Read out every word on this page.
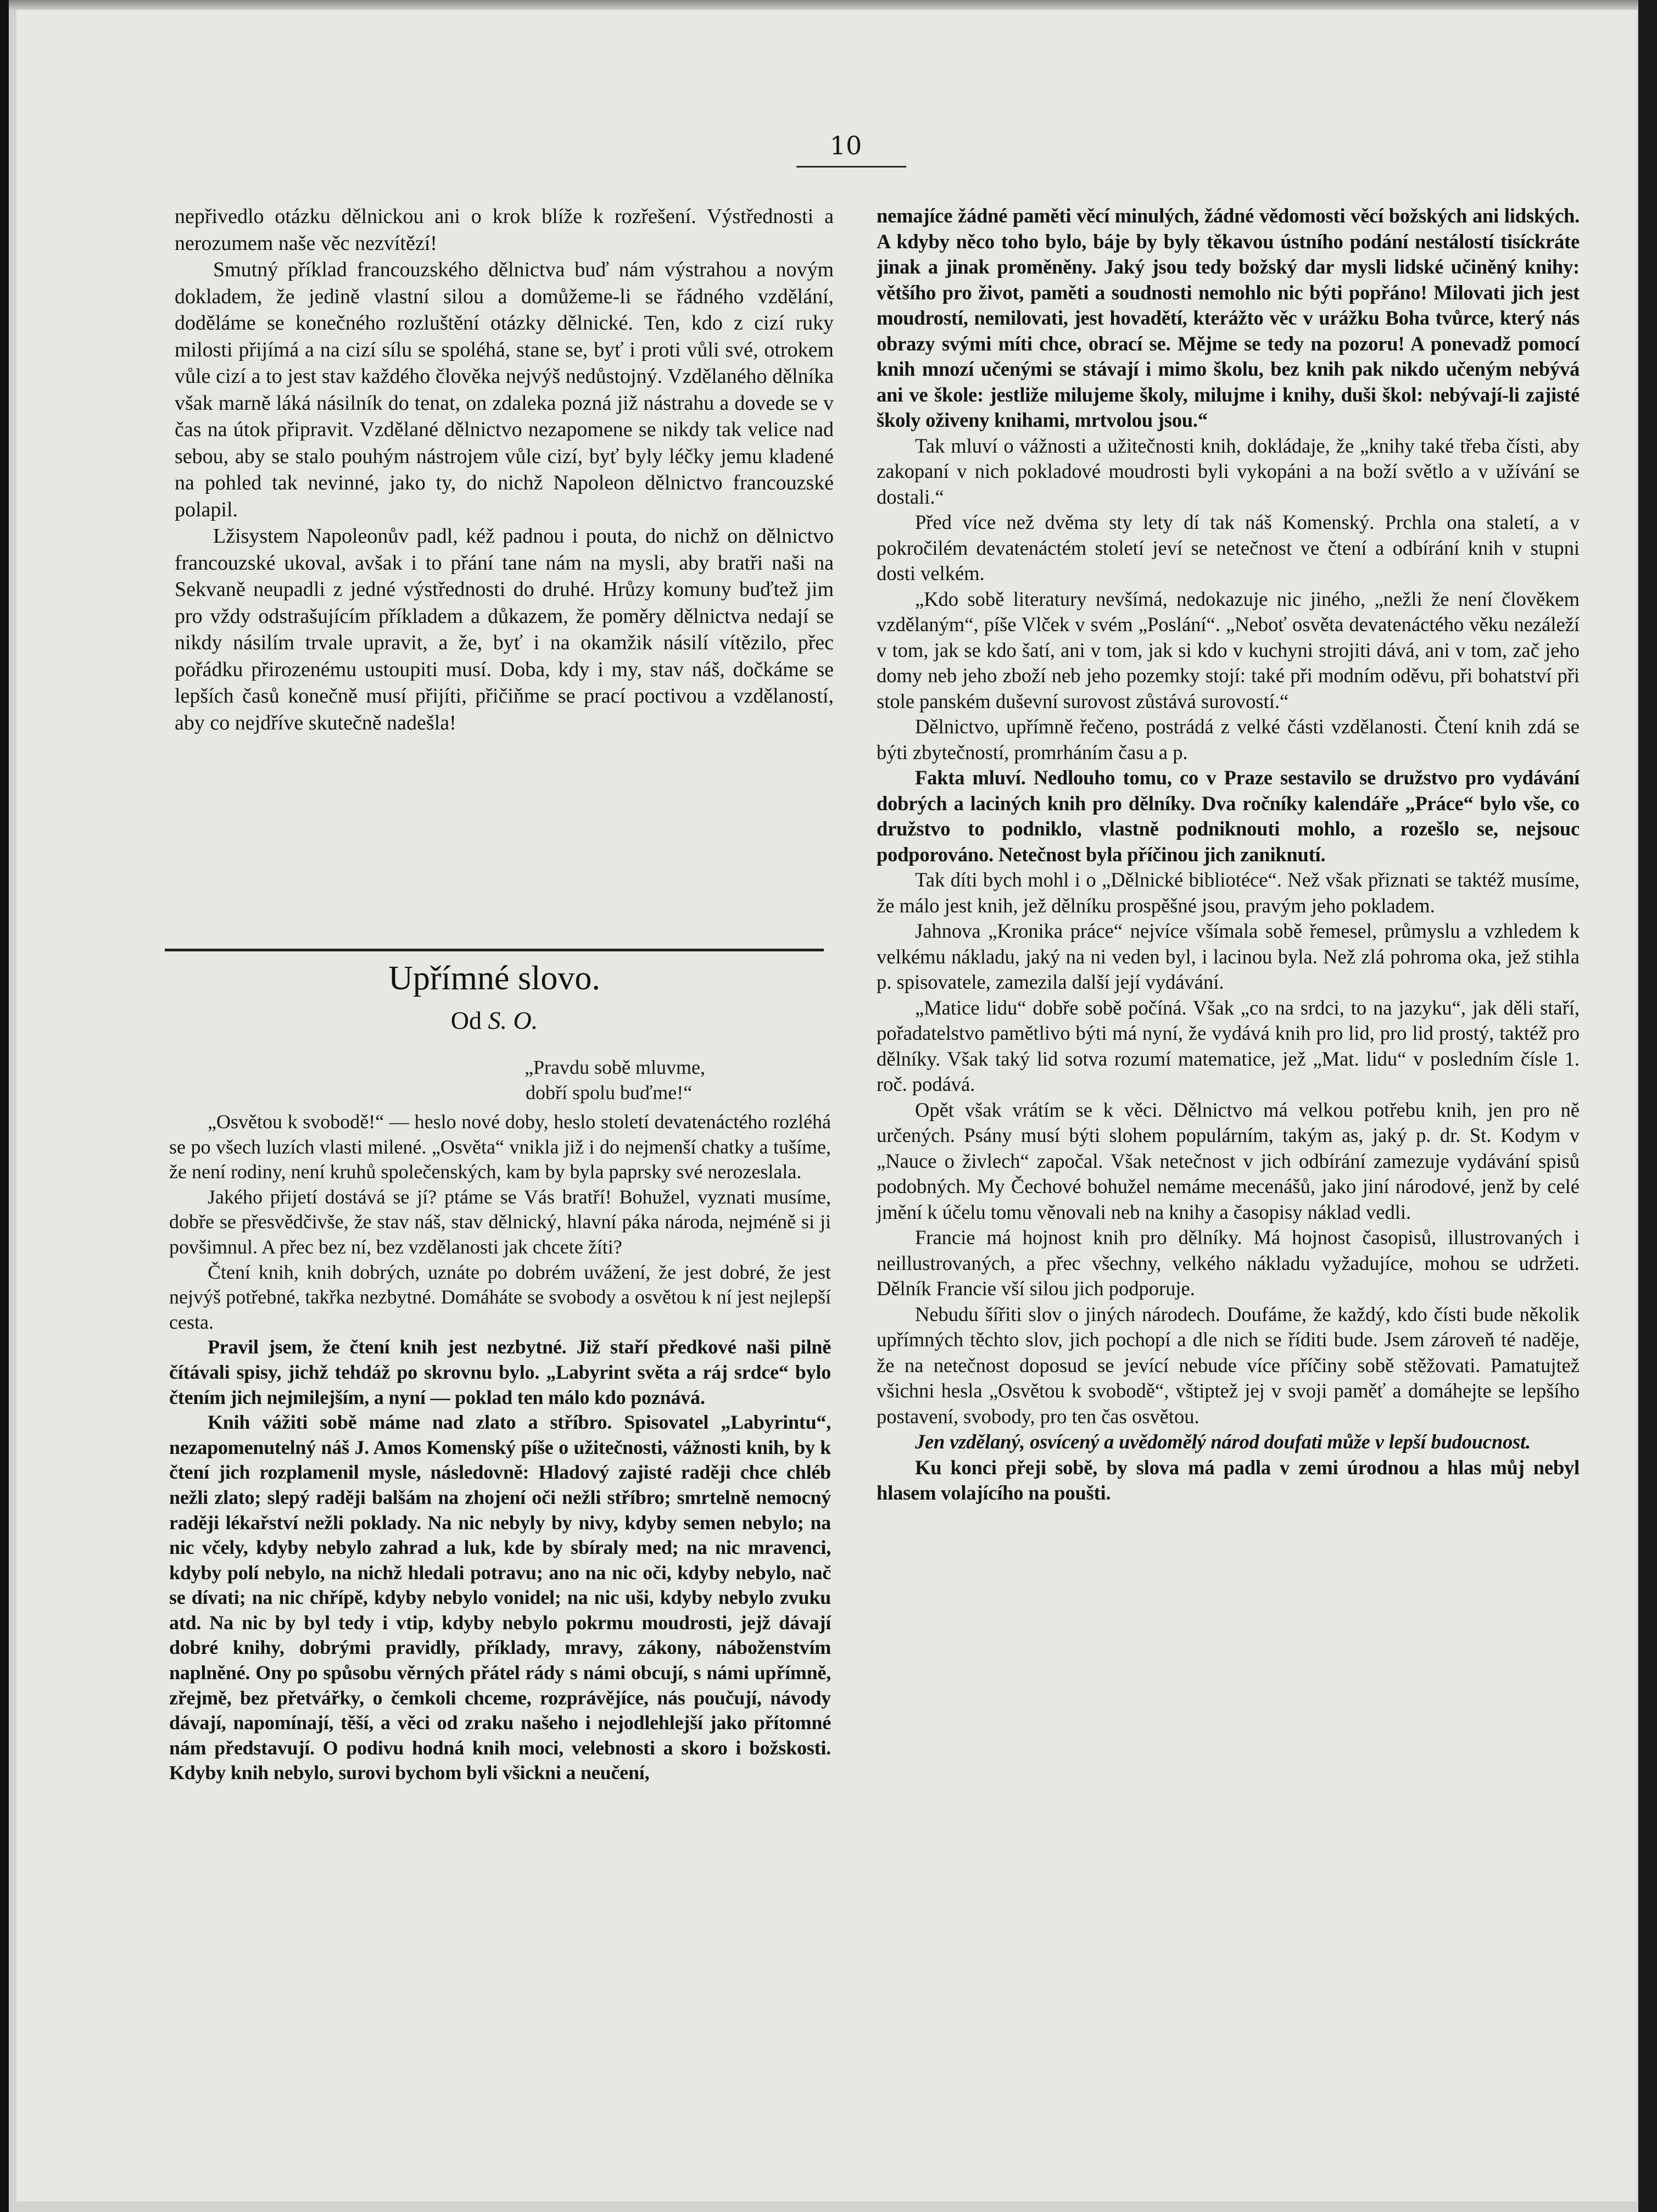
10

nepřivedlo otázku dělnickou ani o krok blíže k rozřešení. Výstřednosti a nerozumem naše věc nezvítězí!

Smutný příklad francouzského dělnictva buď nám výstrahou a novým dokladem, že jedině vlastní silou a domůžeme-li se řádného vzdělání, doděláme se konečného rozluštění otázky dělnické. Ten, kdo z cizí ruky milosti přijímá a na cizí sílu se spoléhá, stane se, byť i proti vůli své, otrokem vůle cizí a to jest stav každého člověka nejvýš nedůstojný. Vzdělaného dělníka však marně láká násilník do tenat, on zdaleka pozná již nástrahu a dovede se v čas na útok připravit. Vzdělané dělnictvo nezapomene se nikdy tak velice nad sebou, aby se stalo pouhým nástrojem vůle cizí, byť byly léčky jemu kladené na pohled tak nevinné, jako ty, do nichž Napoleon dělnictvo francouzské polapil.

Lžisystem Napoleonův padl, kéž padnou i pouta, do nichž on dělnictvo francouzské ukoval, avšak i to přání tane nám na mysli, aby bratři naši na Sekvaně neupadli z jedné výstřednosti do druhé. Hrůzy komuny buďtež jim pro vždy odstrašujícím příkladem a důkazem, že poměry dělnictva nedají se nikdy násilím trvale upravit, a že, byť i na okamžik násilí vítězilo, přec pořádku přirozenému ustoupiti musí. Doba, kdy i my, stav náš, dočkáme se lepších časů konečně musí přijíti, přičiňme se prací poctivou a vzdělaností, aby co nejdříve skutečně nadešla!

Upřímné slovo.
Od S. O.
„Pravdu sobě mluvme,
dobří spolu buďme!“

„Osvětou k svobodě!“ — heslo nové doby, heslo století devatenáctého rozléhá se po všech luzích vlasti milené. „Osvěta“ vnikla již i do nejmenší chatky a tušíme, že není rodiny, není kruhů společenských, kam by byla paprsky své nerozeslala.

Jakého přijetí dostává se jí? ptáme se Vás bratří! Bohužel, vyznati musíme, dobře se přesvědčivše, že stav náš, stav dělnický, hlavní páka národa, nejméně si ji povšimnul. A přec bez ní, bez vzdělanosti jak chcete žíti?

Čtení knih, knih dobrých, uznáte po dobrém uvážení, že jest dobré, že jest nejvýš potřebné, takřka nezbytné. Domáháte se svobody a osvětou k ní jest nejlepší cesta.

Pravil jsem, že čtení knih jest nezbytné. Již staří předkové naši pilně čítávali spisy, jichž tehdáž po skrovnu bylo. „Labyrint světa a ráj srdce“ bylo čtením jich nejmilejším, a nyní — poklad ten málo kdo poznává.

Knih vážiti sobě máme nad zlato a stříbro. Spisovatel „Labyrintu“, nezapomenutelný náš J. Amos Komenský píše o užitečnosti, vážnosti knih, by k čtení jich rozplamenil mysle, následovně: Hladový zajisté raději chce chléb nežli zlato; slepý raději balšám na zhojení oči nežli stříbro; smrtelně nemocný raději lékařství nežli poklady. Na nic nebyly by nivy, kdyby semen nebylo; na nic včely, kdyby nebylo zahrad a luk, kde by sbíraly med; na nic mravenci, kdyby polí nebylo, na nichž hledali potravu; ano na nic oči, kdyby nebylo, nač se dívati; na nic chřípě, kdyby nebylo vonidel; na nic uši, kdyby nebylo zvuku atd. Na nic by byl tedy i vtip, kdyby nebylo pokrmu moudrosti, jejž dávají dobré knihy, dobrými pravidly, příklady, mravy, zákony, náboženstvím naplněné. Ony po spůsobu věrných přátel rády s námi obcují, s námi upřímně, zřejmě, bez přetvářky, o čemkoli chceme, rozprávějíce, nás poučují, návody dávají, napomínají, těší, a věci od zraku našeho i nejodlehlejší jako přítomné nám představují. O podivu hodná knih moci, velebnosti a skoro i božskosti. Kdyby knih nebylo, surovi bychom byli všickni a neučení,

nemajíce žádné paměti věcí minulých, žádné vědomosti věcí božských ani lidských. A kdyby něco toho bylo, báje by byly těkavou ústního podání nestálostí tisíckráte jinak a jinak proměněny. Jaký jsou tedy božský dar mysli lidské učiněný knihy: většího pro život, paměti a soudnosti nemohlo nic býti popřáno! Milovati jich jest moudrostí, nemilovati, jest hovadětí, kterážto věc v urážku Boha tvůrce, který nás obrazy svými míti chce, obrací se. Mějme se tedy na pozoru! A ponevadž pomocí knih mnozí učenými se stávají i mimo školu, bez knih pak nikdo učeným nebývá ani ve škole: jestliže milujeme školy, milujme i knihy, duši škol: nebývají-li zajisté školy oživeny knihami, mrtvolou jsou.“

Tak mluví o vážnosti a užitečnosti knih, dokládaje, že „knihy také třeba čísti, aby zakopaní v nich pokladové moudrosti byli vykopáni a na boží světlo a v užívání se dostali.“

Před více než dvěma sty lety dí tak náš Komenský. Prchla ona staletí, a v pokročilém devatenáctém století jeví se netečnost ve čtení a odbírání knih v stupni dosti velkém.

„Kdo sobě literatury nevšímá, nedokazuje nic jiného, „nežli že není člověkem vzdělaným“, píše Vlček v svém „Poslání“. „Neboť osvěta devatenáctého věku nezáleží v tom, jak se kdo šatí, ani v tom, jak si kdo v kuchyni strojiti dává, ani v tom, zač jeho domy neb jeho zboží neb jeho pozemky stojí: také při modním oděvu, při bohatství při stole panském duševní surovost zůstává surovostí.“

Dělnictvo, upřímně řečeno, postrádá z velké části vzdělanosti. Čtení knih zdá se býti zbytečností, promrháním času a p.

Fakta mluví. Nedlouho tomu, co v Praze sestavilo se družstvo pro vydávání dobrých a laciných knih pro dělníky. Dva ročníky kalendáře „Práce“ bylo vše, co družstvo to podniklo, vlastně podniknouti mohlo, a rozešlo se, nejsouc podporováno. Netečnost byla příčinou jich zaniknutí.

Tak díti bych mohl i o „Dělnické bibliotéce“. Než však přiznati se taktéž musíme, že málo jest knih, jež dělníku prospěšné jsou, pravým jeho pokladem.

Jahnova „Kronika práce“ nejvíce všímala sobě řemesel, průmyslu a vzhledem k velkému nákladu, jaký na ni veden byl, i lacinou byla. Než zlá pohroma oka, jež stihla p. spisovatele, zamezila další její vydávání.

„Matice lidu“ dobře sobě počíná. Však „co na srdci, to na jazyku“, jak děli staří, pořadatelstvo pamětlivo býti má nyní, že vydává knih pro lid, pro lid prostý, taktéž pro dělníky. Však taký lid sotva rozumí matematice, jež „Mat. lidu“ v posledním čísle 1. roč. podává.

Opět však vrátím se k věci. Dělnictvo má velkou potřebu knih, jen pro ně určených. Psány musí býti slohem populárním, takým as, jaký p. dr. St. Kodym v „Nauce o živlech“ započal. Však netečnost v jich odbírání zamezuje vydávání spisů podobných. My Čechové bohužel nemáme mecenášů, jako jiní národové, jenž by celé jmění k účelu tomu věnovali neb na knihy a časopisy náklad vedli.

Francie má hojnost knih pro dělníky. Má hojnost časopisů, illustrovaných i neillustrovaných, a přec všechny, velkého nákladu vyžadujíce, mohou se udržeti. Dělník Francie vší silou jich podporuje.

Nebudu šířiti slov o jiných národech. Doufáme, že každý, kdo čísti bude několik upřímných těchto slov, jich pochopí a dle nich se říditi bude. Jsem zároveň té naděje, že na netečnost doposud se jevící nebude více příčiny sobě stěžovati. Pamatujtež všichni hesla „Osvětou k svobodě“, vštiptež jej v svoji paměť a domáhejte se lepšího postavení, svobody, pro ten čas osvětou.

Jen vzdělaný, osvícený a uvědomělý národ doufati může v lepší budoucnost.

Ku konci přeji sobě, by slova má padla v zemi úrodnou a hlas můj nebyl hlasem volajícího na poušti.
